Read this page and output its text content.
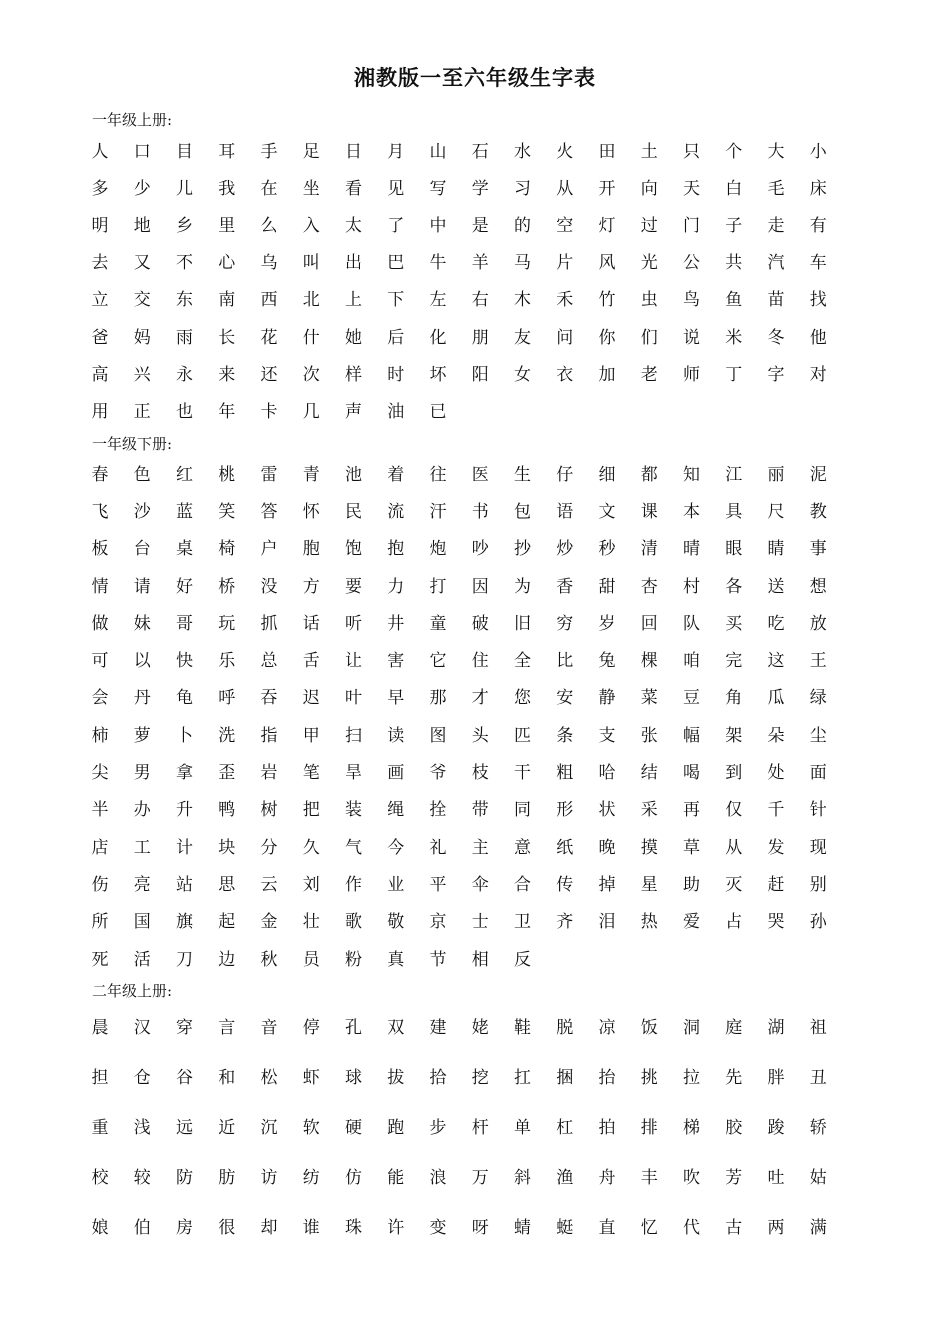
湘教版一至六年级生字表
一年级上册:
人	口	目	耳	手	足	日	月	山	石	水	火	田	土	只	个	大	小
多	少	儿	我	在	坐	看	见	写	学	习	从	开	向	天	白	毛	床
明	地	乡	里	么	入	太	了	中	是	的	空	灯	过	门	子	走	有
去	又	不	心	乌	叫	出	巴	牛	羊	马	片	风	光	公	共	汽	车
立	交	东	南	西	北	上	下	左	右	木	禾	竹	虫	鸟	鱼	苗	找
爸	妈	雨	长	花	什	她	后	化	朋	友	问	你	们	说	米	冬	他
高	兴	永	来	还	次	样	时	坏	阳	女	衣	加	老	师	丁	字	对
用	正	也	年	卡	几	声	油	已
一年级下册:
春	色	红	桃	雷	青	池	着	往	医	生	仔	细	都	知	江	丽	泥
飞	沙	蓝	笑	答	怀	民	流	汗	书	包	语	文	课	本	具	尺	教
板	台	桌	椅	户	胞	饱	抱	炮	吵	抄	炒	秒	清	晴	眼	睛	事
情	请	好	桥	没	方	要	力	打	因	为	香	甜	杏	村	各	送	想
做	妹	哥	玩	抓	话	听	井	童	破	旧	穷	岁	回	队	买	吃	放
可	以	快	乐	总	舌	让	害	它	住	全	比	兔	棵	咱	完	这	王
会	丹	龟	呼	吞	迟	叶	早	那	才	您	安	静	菜	豆	角	瓜	绿
柿	萝	卜	洗	指	甲	扫	读	图	头	匹	条	支	张	幅	架	朵	尘
尖	男	拿	歪	岩	笔	旱	画	爷	枝	干	粗	哈	结	喝	到	处	面
半	办	升	鸭	树	把	装	绳	拴	带	同	形	状	采	再	仅	千	针
店	工	计	块	分	久	气	今	礼	主	意	纸	晚	摸	草	从	发	现
伤	亮	站	思	云	刘	作	业	平	伞	合	传	掉	星	助	灭	赶	别
所	国	旗	起	金	壮	歌	敬	京	士	卫	齐	泪	热	爱	占	哭	孙
死	活	刀	边	秋	员	粉	真	节	相	反
二年级上册:
晨	汉	穿	言	音	停	孔	双	建	姥	鞋	脱	凉	饭	洞	庭	湖	祖
担	仓	谷	和	松	虾	球	拔	拾	挖	扛	捆	抬	挑	拉	先	胖	丑
重	浅	远	近	沉	软	硬	跑	步	杆	单	杠	拍	排	梯	胶	踆	轿
校	较	防	肪	访	纺	仿	能	浪	万	斜	渔	舟	丰	吹	芳	吐	姑
娘	伯	房	很	却	谁	珠	许	变	呀	蜻	蜓	直	忆	代	古	两	满
